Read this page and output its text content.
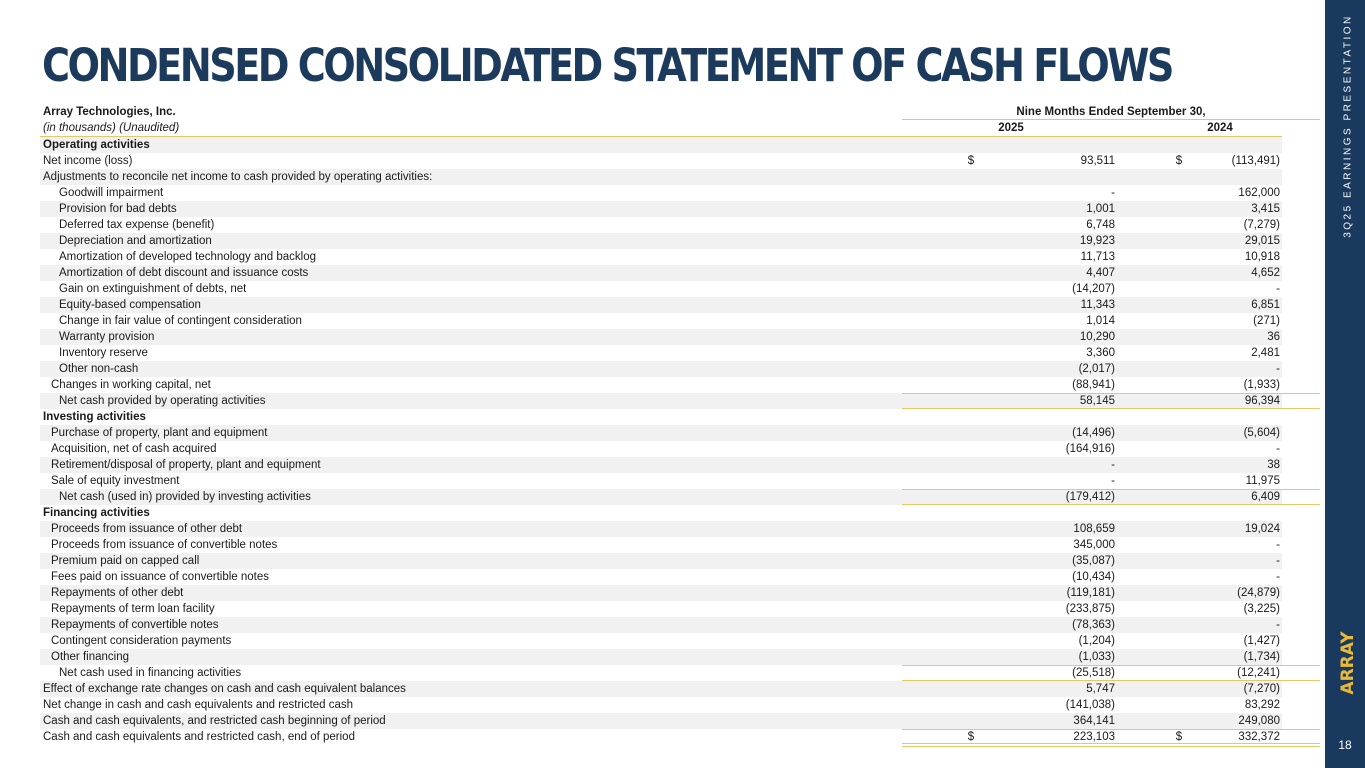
CONDENSED CONSOLIDATED STATEMENT OF CASH FLOWS	3Q25 EARNINGS PRESENTATION
ARRAY
18
Array Technologies, Inc.	Nine Months Ended September 30,
(in thousands) (Unaudited)	2025	2024
Operating activities
Net income (loss)	$	93,511	$	(113,491)
Adjustments to reconcile net income to cash provided by operating activities:
Goodwill impairment	-	162,000
Provision for bad debts	1,001	3,415
Deferred tax expense (benefit)	6,748	(7,279)
Depreciation and amortization	19,923	29,015
Amortization of developed technology and backlog	11,713	10,918
Amortization of debt discount and issuance costs	4,407	4,652
Gain on extinguishment of debts, net	(14,207)	-
Equity-based compensation	11,343	6,851
Change in fair value of contingent consideration	1,014	(271)
Warranty provision	10,290	36
Inventory reserve	3,360	2,481
Other non-cash	(2,017)	-
Changes in working capital, net	(88,941)	(1,933)
Net cash provided by operating activities	58,145	96,394
Investing activities
Purchase of property, plant and equipment	(14,496)	(5,604)
Acquisition, net of cash acquired	(164,916)	-
Retirement/disposal of property, plant and equipment	-	38
Sale of equity investment	-	11,975
Net cash (used in) provided by investing activities	(179,412)	6,409
Financing activities
Proceeds from issuance of other debt	108,659	19,024
Proceeds from issuance of convertible notes	345,000	-
Premium paid on capped call	(35,087)	-
Fees paid on issuance of convertible notes	(10,434)	-
Repayments of other debt	(119,181)	(24,879)
Repayments of term loan facility	(233,875)	(3,225)
Repayments of convertible notes	(78,363)	-
Contingent consideration payments	(1,204)	(1,427)
Other financing	(1,033)	(1,734)
Net cash used in financing activities	(25,518)	(12,241)
Effect of exchange rate changes on cash and cash equivalent balances	5,747	(7,270)
Net change in cash and cash equivalents and restricted cash	(141,038)	83,292
Cash and cash equivalents, and restricted cash beginning of period	364,141	249,080
Cash and cash equivalents and restricted cash, end of period	$	223,103	$	332,372
